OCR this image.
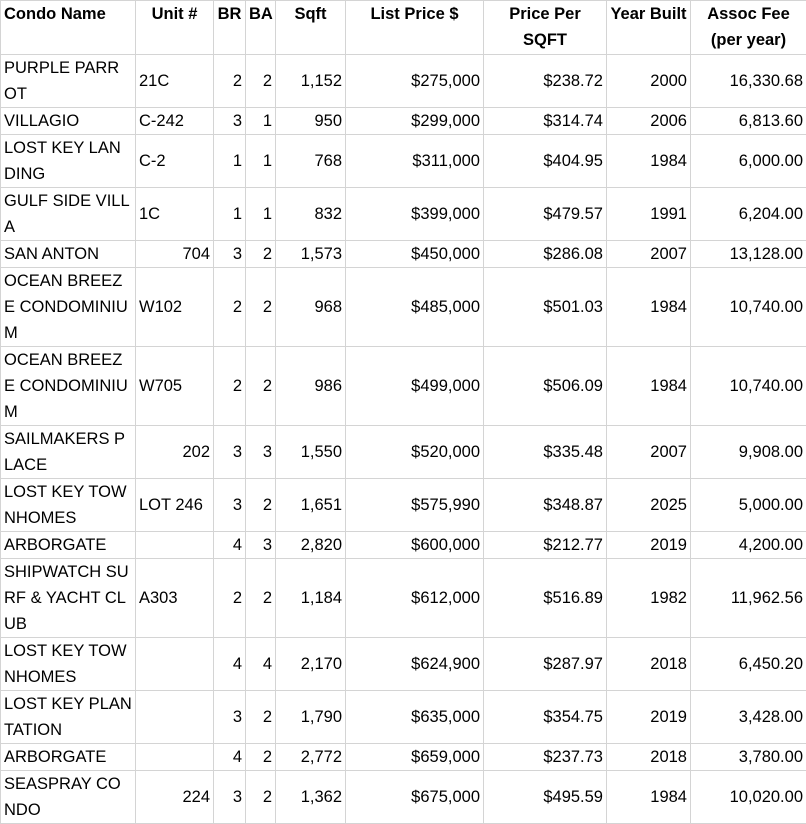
Condo Name	Unit #	BR	BA	Sqft	List Price $	Price Per SQFT	Year Built	Assoc Fee (per year)
PURPLE PARROT	21C	2	2	1,152	$275,000	$238.72	2000	16,330.68
VILLAGIO	C-242	3	1	950	$299,000	$314.74	2006	6,813.60
LOST KEY LANDING	C-2	1	1	768	$311,000	$404.95	1984	6,000.00
GULF SIDE VILLA	1C	1	1	832	$399,000	$479.57	1991	6,204.00
SAN ANTON	704	3	2	1,573	$450,000	$286.08	2007	13,128.00
OCEAN BREEZE CONDOMINIUM	W102	2	2	968	$485,000	$501.03	1984	10,740.00
OCEAN BREEZE CONDOMINIUM	W705	2	2	986	$499,000	$506.09	1984	10,740.00
SAILMAKERS PLACE	202	3	3	1,550	$520,000	$335.48	2007	9,908.00
LOST KEY TOWNHOMES	LOT 246	3	2	1,651	$575,990	$348.87	2025	5,000.00
ARBORGATE		4	3	2,820	$600,000	$212.77	2019	4,200.00
SHIPWATCH SURF & YACHT CLUB	A303	2	2	1,184	$612,000	$516.89	1982	11,962.56
LOST KEY TOWNHOMES		4	4	2,170	$624,900	$287.97	2018	6,450.20
LOST KEY PLANTATION		3	2	1,790	$635,000	$354.75	2019	3,428.00
ARBORGATE		4	2	2,772	$659,000	$237.73	2018	3,780.00
SEASPRAY CONDO	224	3	2	1,362	$675,000	$495.59	1984	10,020.00
